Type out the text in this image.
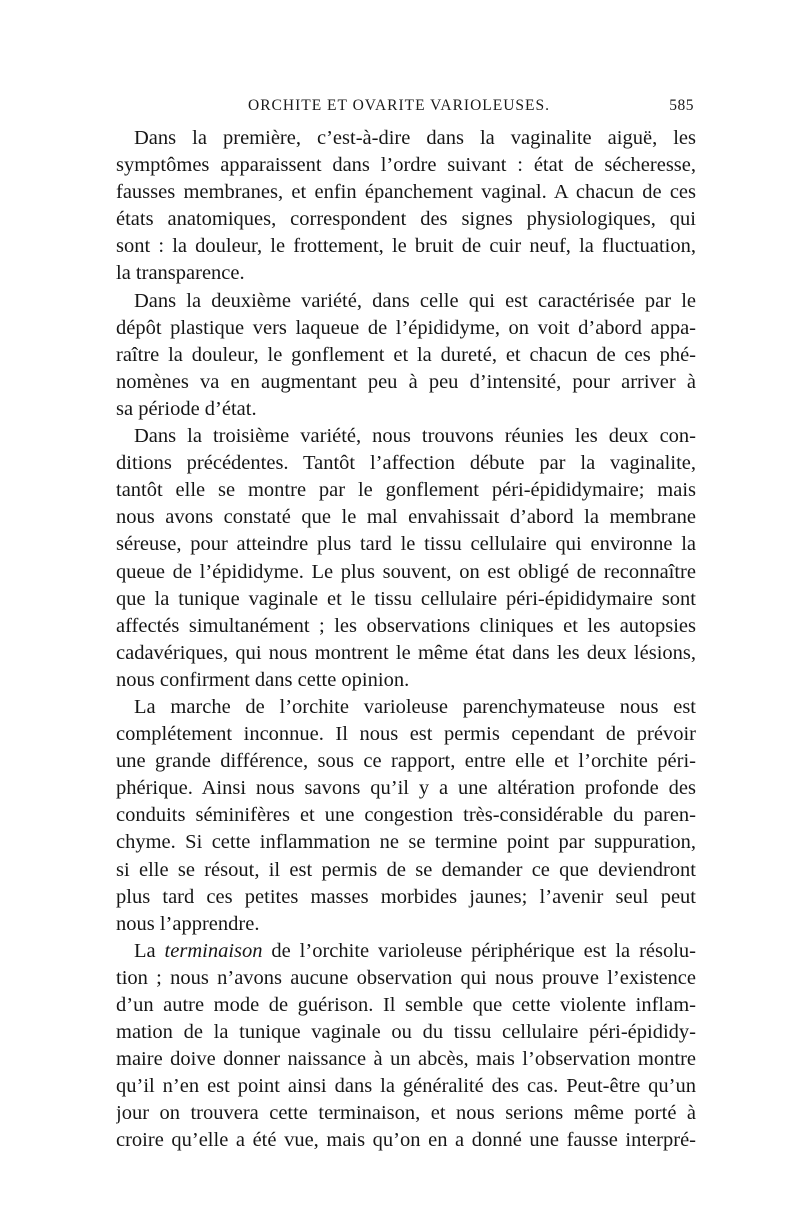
ORCHITE ET OVARITE VARIOLEUSES.	585
Dans la première, c’est-à-dire dans la vaginalite aiguë, les
symptômes apparaissent dans l’ordre suivant : état de sécheresse,
fausses membranes, et enfin épanchement vaginal. A chacun de ces
états anatomiques, correspondent des signes physiologiques, qui
sont : la douleur, le frottement, le bruit de cuir neuf, la fluctuation,
la transparence.
Dans la deuxième variété, dans celle qui est caractérisée par le
dépôt plastique vers laqueue de l’épididyme, on voit d’abord appa-
raître la douleur, le gonflement et la dureté, et chacun de ces phé-
nomènes va en augmentant peu à peu d’intensité, pour arriver à
sa période d’état.
Dans la troisième variété, nous trouvons réunies les deux con-
ditions précédentes. Tantôt l’affection débute par la vaginalite,
tantôt elle se montre par le gonflement péri-épididymaire; mais
nous avons constaté que le mal envahissait d’abord la membrane
séreuse, pour atteindre plus tard le tissu cellulaire qui environne la
queue de l’épididyme. Le plus souvent, on est obligé de reconnaître
que la tunique vaginale et le tissu cellulaire péri-épididymaire sont
affectés simultanément ; les observations cliniques et les autopsies
cadavériques, qui nous montrent le même état dans les deux lésions,
nous confirment dans cette opinion.
La marche de l’orchite varioleuse parenchymateuse nous est
complétement inconnue. Il nous est permis cependant de prévoir
une grande différence, sous ce rapport, entre elle et l’orchite péri-
phérique. Ainsi nous savons qu’il y a une altération profonde des
conduits séminifères et une congestion très-considérable du paren-
chyme. Si cette inflammation ne se termine point par suppuration,
si elle se résout, il est permis de se demander ce que deviendront
plus tard ces petites masses morbides jaunes; l’avenir seul peut
nous l’apprendre.
La terminaison de l’orchite varioleuse périphérique est la résolu-
tion ; nous n’avons aucune observation qui nous prouve l’existence
d’un autre mode de guérison. Il semble que cette violente inflam-
mation de la tunique vaginale ou du tissu cellulaire péri-épididy-
maire doive donner naissance à un abcès, mais l’observation montre
qu’il n’en est point ainsi dans la généralité des cas. Peut-être qu’un
jour on trouvera cette terminaison, et nous serions même porté à
croire qu’elle a été vue, mais qu’on en a donné une fausse interpré-
